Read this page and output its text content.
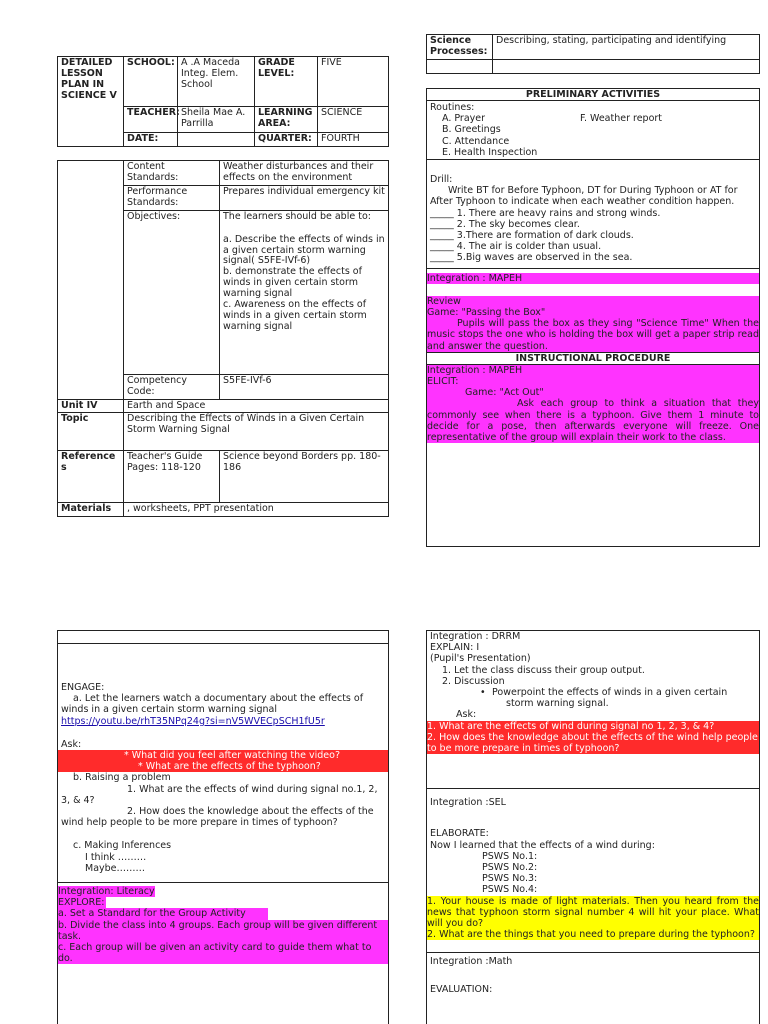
DETAILED LESSON PLAN IN SCIENCE V	SCHOOL:	A .A Maceda Integ. Elem. School	GRADE LEVEL:	FIVE
	TEACHER:	Sheila Mae A. Parrilla	LEARNING AREA:	SCIENCE
	DATE:		QUARTER:	FOURTH
	Content Standards:	Weather disturbances and their effects on the environment
	Performance Standards:	Prepares individual emergency kit
	Objectives:	The learners should be able to:
a. Describe the effects of winds in a given certain storm warning signal( S5FE-IVf-6)
b. demonstrate the effects of winds in given certain storm warning signal
c. Awareness on the effects of winds in a given certain storm warning signal

	Competency Code:	S5FE-IVf-6
Unit IV	Earth and Space	
Topic	Describing the Effects of Winds in a Given Certain Storm Warning Signal	
Reference s	Teacher's Guide Pages: 118-120	Science beyond Borders pp. 180-186
Materials	, worksheets, PPT presentation	
Science Processes:	Describing, stating, participating and identifying

PRELIMINARY ACTIVITIES
Routines:
A. Prayer	F. Weather report
B. Greetings
C. Attendance
E. Health Inspection
Drill:
Write BT for Before Typhoon, DT for During Typhoon or AT for After Typhoon to indicate when each weather condition happen.
_____ 1. There are heavy rains and strong winds.
_____ 2. The sky becomes clear.
_____ 3.There are formation of dark clouds.
_____ 4. The air is colder than usual.
_____ 5.Big waves are observed in the sea.
Integration : MAPEH
Review
Game: "Passing the Box"
Pupils will pass the box as they sing "Science Time" When the music stops the one who is holding the box will get a paper strip read and answer the question.
INSTRUCTIONAL PROCEDURE
Integration : MAPEH
ELICIT:
Game: "Act Out"
Ask each group to think a situation that they commonly see when there is a typhoon. Give them 1 minute to decide for a pose, then afterwards everyone will freeze. One representative of the group will explain their work to the class.
ENGAGE:
a. Let the learners watch a documentary about the effects of winds in a given certain storm warning signal
https://youtu.be/rhT35NPq24g?si=nV5WVECpSCH1fU5r
Ask:
* What did you feel after watching the video?
* What are the effects of the typhoon?
b. Raising a problem
1. What are the effects of wind during signal no.1, 2, 3, & 4?
2. How does the knowledge about the effects of the wind help people to be more prepare in times of typhoon?
c. Making Inferences
I think ………
Maybe………
Integration: Literacy
EXPLORE:
a. Set a Standard for the Group Activity
b. Divide the class into 4 groups. Each group will be given different task.
c. Each group will be given an activity card to guide them what to do.
Integration : DRRM
EXPLAIN: I
(Pupil's Presentation)
1. Let the class discuss their group output.
2. Discussion
• Powerpoint the effects of winds in a given certain storm warning signal.
Ask:
1. What are the effects of wind during signal no 1, 2, 3, & 4?
2. How does the knowledge about the effects of the wind help people to be more prepare in times of typhoon?
Integration :SEL
ELABORATE:
Now I learned that the effects of a wind during:
PSWS No.1:
PSWS No.2:
PSWS No.3:
PSWS No.4:
1. Your house is made of light materials. Then you heard from the news that typhoon storm signal number 4 will hit your place. What will you do?
2. What are the things that you need to prepare during the typhoon?
Integration :Math
EVALUATION:
